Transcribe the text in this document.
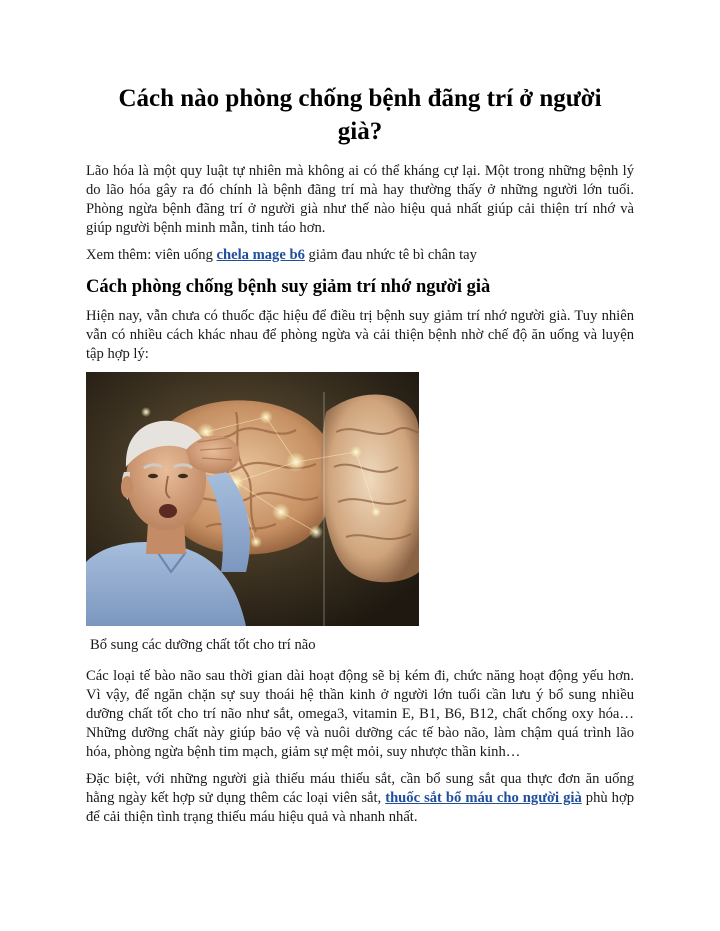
Cách nào phòng chống bệnh đãng trí ở người già?

Lão hóa là một quy luật tự nhiên mà không ai có thể kháng cự lại. Một trong những bệnh lý do lão hóa gây ra đó chính là bệnh đãng trí mà hay thường thấy ở những người lớn tuổi. Phòng ngừa bệnh đãng trí ở người già như thế nào hiệu quả nhất giúp cải thiện trí nhớ và giúp người bệnh minh mẫn, tinh táo hơn.

Xem thêm: viên uống chela mage b6 giảm đau nhức tê bì chân tay

Cách phòng chống bệnh suy giảm trí nhớ người già

Hiện nay, vẫn chưa có thuốc đặc hiệu để điều trị bệnh suy giảm trí nhớ người già. Tuy nhiên vẫn có nhiều cách khác nhau để phòng ngừa và cải thiện bệnh nhờ chế độ ăn uống và luyện tập hợp lý:

Bổ sung các dưỡng chất tốt cho trí não

Các loại tế bào não sau thời gian dài hoạt động sẽ bị kém đi, chức năng hoạt động yếu hơn. Vì vậy, để ngăn chặn sự suy thoái hệ thần kinh ở người lớn tuổi cần lưu ý bổ sung nhiều dưỡng chất tốt cho trí não như sắt, omega3, vitamin E, B1, B6, B12, chất chống oxy hóa… Những dưỡng chất này giúp bảo vệ và nuôi dưỡng các tế bào não, làm chậm quá trình lão hóa, phòng ngừa bệnh tim mạch, giảm sự mệt mỏi, suy nhược thần kinh…

Đặc biệt, với những người già thiếu máu thiếu sắt, cần bổ sung sắt qua thực đơn ăn uống hằng ngày kết hợp sử dụng thêm các loại viên sắt, thuốc sắt bổ máu cho người già phù hợp để cải thiện tình trạng thiếu máu hiệu quả và nhanh nhất.
